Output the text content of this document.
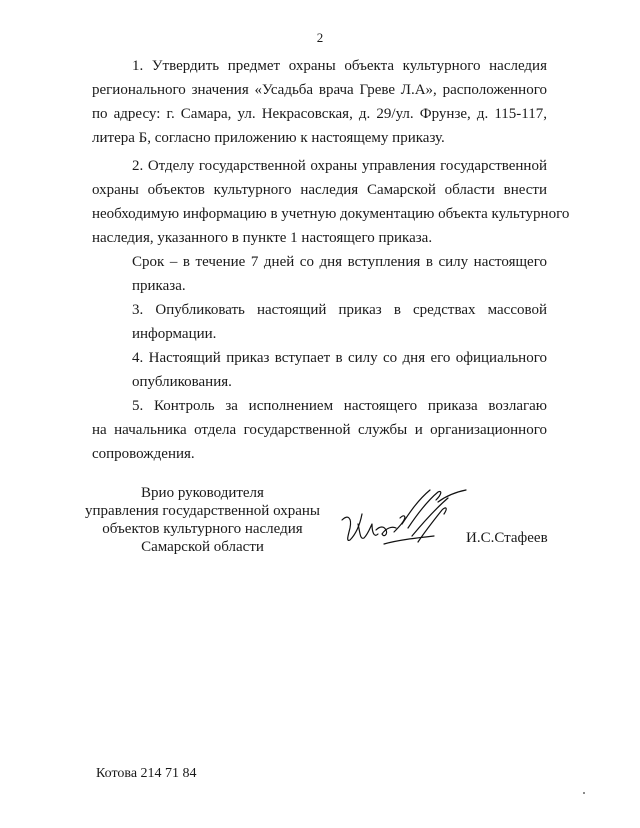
2
1. Утвердить предмет охраны объекта культурного наследия
регионального значения «Усадьба врача Греве Л.А», расположенного
по адресу: г. Самара, ул. Некрасовская, д. 29/ул. Фрунзе, д. 115-117,
литера Б, согласно приложению к настоящему приказу.
2. Отделу государственной охраны управления государственной
охраны объектов культурного наследия Самарской области внести
необходимую информацию в учетную документацию объекта культурного
наследия, указанного в пункте 1 настоящего приказа.
Срок – в течение 7 дней со дня вступления в силу настоящего
приказа.
3. Опубликовать настоящий приказ в средствах массовой
информации.
4. Настоящий приказ вступает в силу со дня его официального
опубликования.
5. Контроль за исполнением настоящего приказа возлагаю
на начальника отдела государственной службы и организационного
сопровождения.
Врио руководителя
управления государственной охраны
объектов культурного наследия
Самарской области
И.С.Стафеев
Котова 214 71 84
